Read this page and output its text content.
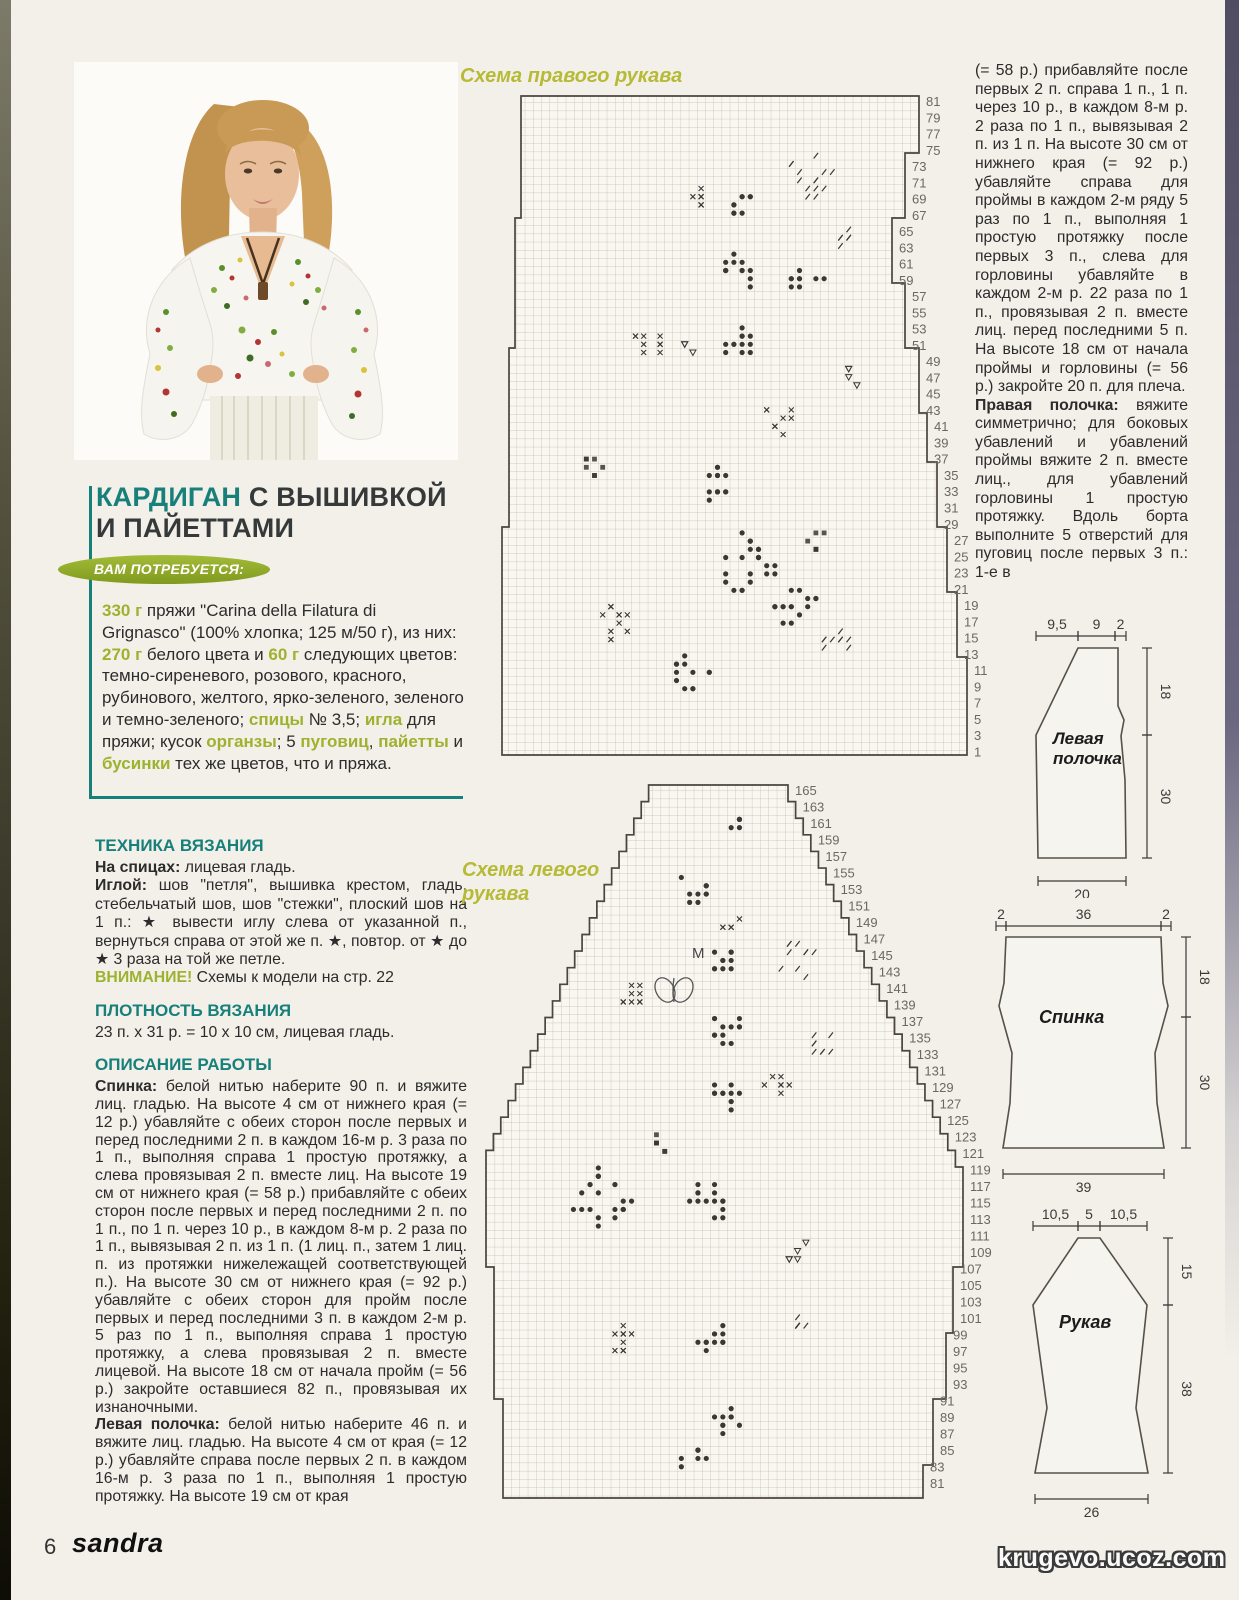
КАРДИГАН С ВЫШИВКОЙ
И ПАЙЕТТАМИ
ВАМ ПОТРЕБУЕТСЯ:
330 г пряжи "Carina della Filatura di Grignasco" (100% хлопка; 125 м/50 г), из них: 270 г белого цвета и 60 г следующих цветов: темно-сиреневого, розового, красного, рубинового, желтого, ярко-зеленого, зеленого и темно-зеленого; спицы № 3,5; игла для пряжи; кусок органзы; 5 пуговиц, пайетты и бусинки тех же цветов, что и пряжа.
ТЕХНИКА ВЯЗАНИЯ

На спицах: лицевая гладь.

Иглой: шов "петля", вышивка крестом, гладь, стебельчатый шов, шов "стежки", плоский шов на 1 п.: ★ вывести иглу слева от указанной п., вернуться справа от этой же п. ★, повтор. от ★ до ★ 3 раза на той же петле.

ВНИМАНИЕ! Схемы к модели на стр. 22

ПЛОТНОСТЬ ВЯЗАНИЯ

23 п. х 31 р. = 10 х 10 см, лицевая гладь.

ОПИСАНИЕ РАБОТЫ

Спинка: белой нитью наберите 90 п. и вяжите лиц. гладью. На высоте 4 см от нижнего края (= 12 р.) убавляйте с обеих сторон после первых и перед последними 2 п. в каждом 16-м р. 3 раза по 1 п., выполняя справа 1 простую протяжку, а слева провязывая 2 п. вместе лиц. На высоте 19 см от нижнего края (= 58 р.) прибавляйте с обеих сторон после первых и перед последними 2 п. по 1 п., по 1 п. через 10 р., в каждом 8-м р. 2 раза по 1 п., вывязывая 2 п. из 1 п. (1 лиц. п., затем 1 лиц. п. из протяжки нижележащей соответствующей п.). На высоте 30 см от нижнего края (= 92 р.) убавляйте с обеих сторон для пройм после первых и перед последними 3 п. в каждом 2-м р. 5 раз по 1 п., выполняя справа 1 простую протяжку, а слева провязывая 2 п. вместе лицевой. На высоте 18 см от начала пройм (= 56 р.) закройте оставшиеся 82 п., провязывая их изнаночными.

Левая полочка: белой нитью наберите 46 п. и вяжите лиц. гладью. На высоте 4 см от края (= 12 р.) убавляйте справа после первых 2 п. в каждом 16-м р. 3 раза по 1 п., выполняя 1 простую протяжку. На высоте 19 см от края

(= 58 р.) прибавляйте после первых 2 п. справа 1 п., 1 п. через 10 р., в каждом 8-м р. 2 раза по 1 п., вывязывая 2 п. из 1 п. На высоте 30 см от нижнего края (= 92 р.) убавляйте справа для проймы в каждом 2-м ряду 5 раз по 1 п., выполняя 1 простую протяжку после первых 3 п., слева для горловины убавляйте в каждом 2-м р. 22 раза по 1 п., провязывая 2 п. вместе лиц. перед последними 5 п. На высоте 18 см от начала проймы и горловины (= 56 р.) закройте 20 п. для плеча.

Правая полочка: вяжите симметрично; для боковых убавлений и убавлений проймы вяжите 2 п. вместе лиц., для убавлений горловины 1 простую протяжку. Вдоль борта выполните 5 отверстий для пуговиц после первых 3 п.: 1-е в

Схема правого рукава
Схема левого
рукава
81
79
77
75
73
71
69
67
65
63
61
59
57
55
53
51
49
47
45
43
41
39
37
35
33
31
29
27
25
23
21
19
17
15
13
11
9
7
5
3
1
165
163
161
159
157
155
153
151
149
147
145
143
141
139
137
135
133
131
129
127
125
123
121
119
117
115
113
111
109
107
105
103
101
99
97
95
93
91
89
87
85
83
81
M
9,5 9 2
18
30
20
Левая
полочка
2	36	2
18
30
39
Спинка
10,5 5 10,5
15
38
26
Рукав
6 sandra	krugevo.ucoz.com
